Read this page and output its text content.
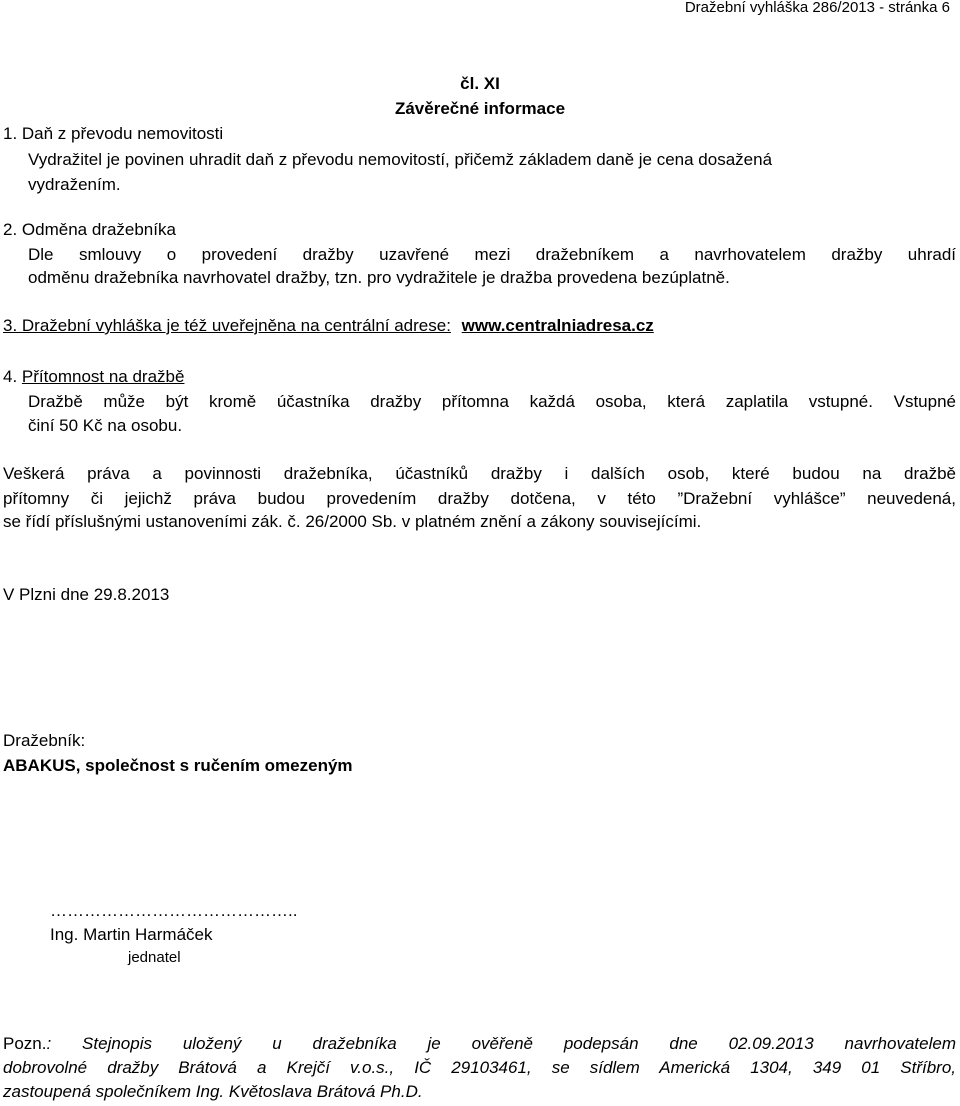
Dražební vyhláška 286/2013 - stránka 6
čl. XI
Závěrečné informace
1. Daň z převodu nemovitosti
Vydražitel je povinen uhradit daň z převodu nemovitostí, přičemž základem daně je cena dosažená
vydražením.
2. Odměna dražebníka
Dle smlouvy o provedení dražby uzavřené mezi dražebníkem a navrhovatelem dražby uhradí
odměnu dražebníka navrhovatel dražby, tzn. pro vydražitele je dražba provedena bezúplatně.
3. Dražební vyhláška je též uveřejněna na centrální adrese: www.centralniadresa.cz
4. Přítomnost na dražbě
Dražbě může být kromě účastníka dražby přítomna každá osoba, která zaplatila vstupné. Vstupné
činí 50 Kč na osobu.
Veškerá práva a povinnosti dražebníka, účastníků dražby i dalších osob, které budou na dražbě
přítomny či jejichž práva budou provedením dražby dotčena, v této ”Dražební vyhlášce” neuvedená,
se řídí příslušnými ustanoveními zák. č. 26/2000 Sb. v platném znění a zákony souvisejícími.
V Plzni dne 29.8.2013
Dražebník:
ABAKUS, společnost s ručením omezeným
……………………………………..
Ing. Martin Harmáček
jednatel
Pozn. : Stejnopis uložený u dražebníka je ověřeně podepsán dne 02.09.2013 navrhovatelem
dobrovolné dražby Brátová a Krejčí v.o.s., IČ 29103461, se sídlem Americká 1304, 349 01 Stříbro,
zastoupená společníkem Ing. Květoslava Brátová Ph.D.
